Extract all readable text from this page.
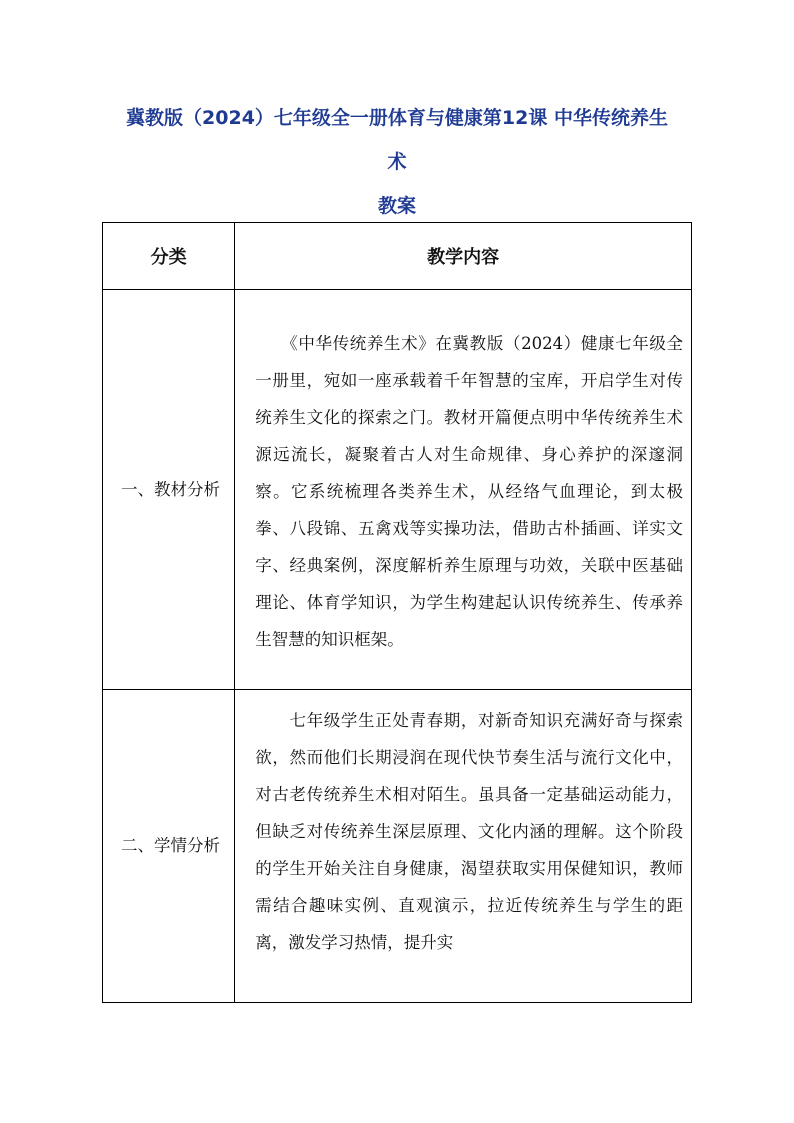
冀教版（2024）七年级全一册体育与健康第12课 中华传统养生
术
教案
分类	教学内容
一、教材分析	　　《中华传统养生术》在冀教版（2024）健康七年级全一册里，宛如一座承载着千年智慧的宝库，开启学生对传统养生文化的探索之门。教材开篇便点明中华传统养生术源远流长，凝聚着古人对生命规律、身心养护的深邃洞察。它系统梳理各类养生术，从经络气血理论，到太极拳、八段锦、五禽戏等实操功法，借助古朴插画、详实文字、经典案例，深度解析养生原理与功效，关联中医基础理论、体育学知识，为学生构建起认识传统养生、传承养生智慧的知识框架。
二、学情分析	　　七年级学生正处青春期，对新奇知识充满好奇与探索欲，然而他们长期浸润在现代快节奏生活与流行文化中，对古老传统养生术相对陌生。虽具备一定基础运动能力，但缺乏对传统养生深层原理、文化内涵的理解。这个阶段的学生开始关注自身健康，渴望获取实用保健知识，教师需结合趣味实例、直观演示，拉近传统养生与学生的距离，激发学习热情，提升实
